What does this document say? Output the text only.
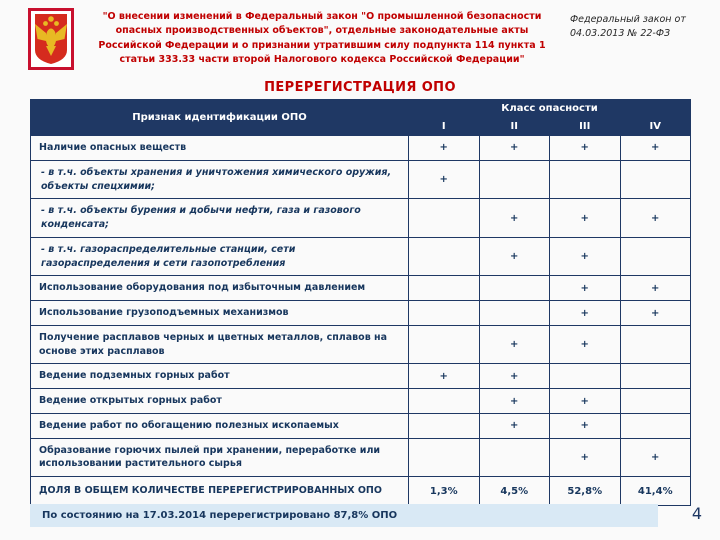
"О внесении изменений в Федеральный закон "О промышленной безопасности опасных производственных объектов", отдельные законодательные акты Российской Федерации и о признании утратившим силу подпункта 114 пункта 1 статьи 333.33 части второй Налогового кодекса Российской Федерации"
Федеральный закон от 04.03.2013 № 22-ФЗ
ПЕРЕРЕГИСТРАЦИЯ ОПО
Признак идентификации ОПО	Класс опасности			
	I	II	III	IV
Наличие опасных веществ	+	+	+	+
- в т.ч. объекты хранения и уничтожения химического оружия, объекты спецхимии;	+			
- в т.ч. объекты бурения и добычи нефти, газа и газового конденсата;		+	+	+
- в т.ч. газораспределительные станции, сети газораспределения и сети газопотребления		+	+	
Использование оборудования под избыточным давлением			+	+
Использование грузоподъемных механизмов			+	+
Получение расплавов черных и цветных металлов, сплавов на основе этих расплавов		+	+	
Ведение подземных горных работ	+	+		
Ведение открытых горных работ		+	+	
Ведение работ по обогащению полезных ископаемых		+	+	
Образование горючих пылей при хранении, переработке или использовании растительного сырья			+	+
ДОЛЯ В ОБЩЕМ КОЛИЧЕСТВЕ ПЕРЕРЕГИСТРИРОВАННЫХ ОПО	1,3%	4,5%	52,8%	41,4%
По состоянию на 17.03.2014 перерегистрировано 87,8% ОПО	4
